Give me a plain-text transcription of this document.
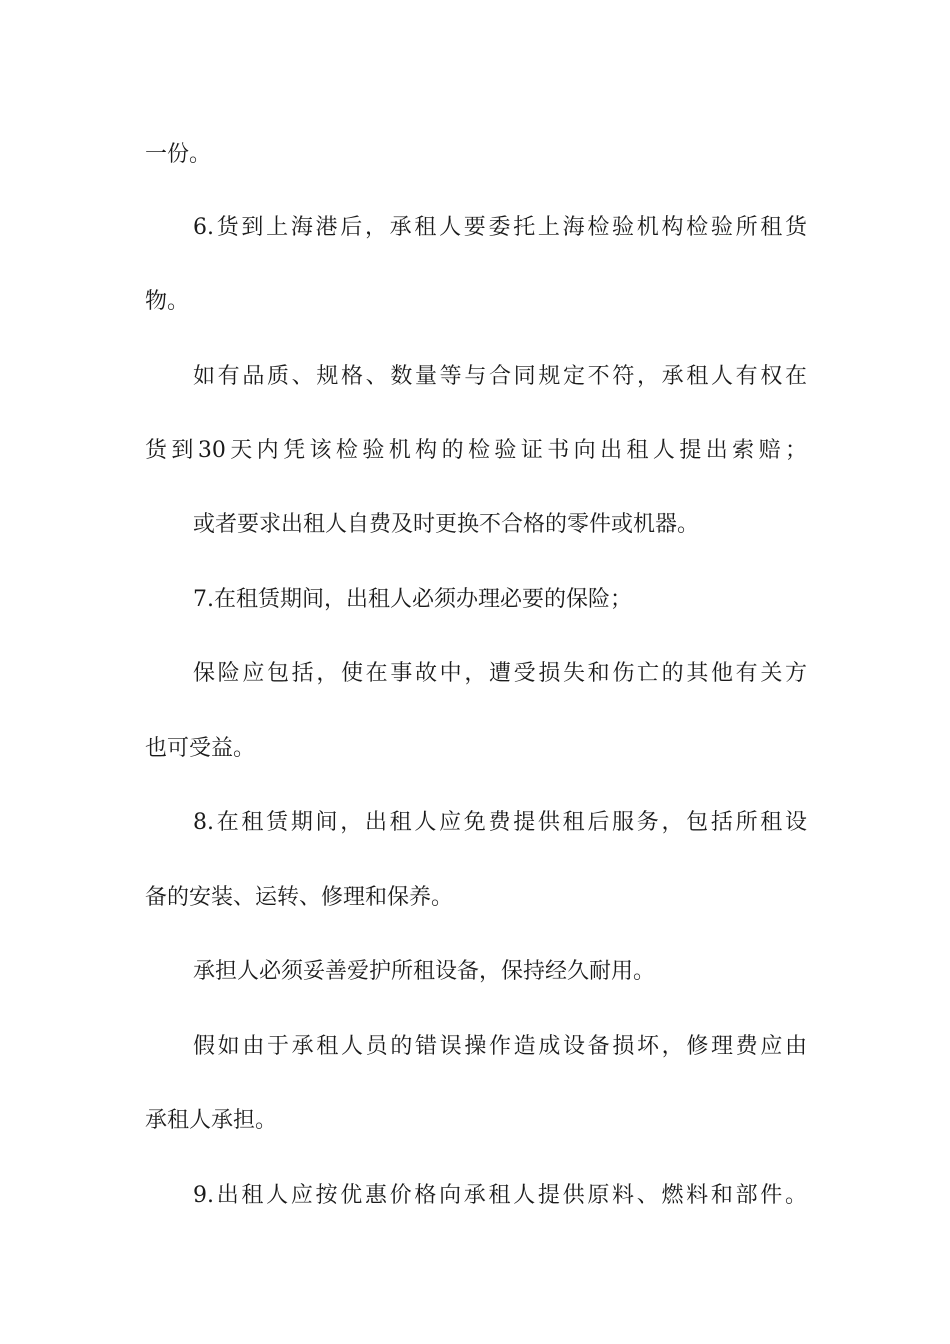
一份。
6.货到上海港后，承租人要委托上海检验机构检验所租货
物。
如有品质、规格、数量等与合同规定不符，承租人有权在
货到30天内凭该检验机构的检验证书向出租人提出索赔；
或者要求出租人自费及时更换不合格的零件或机器。
7.在租赁期间，出租人必须办理必要的保险；
保险应包括，使在事故中，遭受损失和伤亡的其他有关方
也可受益。
8.在租赁期间，出租人应免费提供租后服务，包括所租设
备的安装、运转、修理和保养。
承担人必须妥善爱护所租设备，保持经久耐用。
假如由于承租人员的错误操作造成设备损坏，修理费应由
承租人承担。
9.出租人应按优惠价格向承租人提供原料、燃料和部件。
